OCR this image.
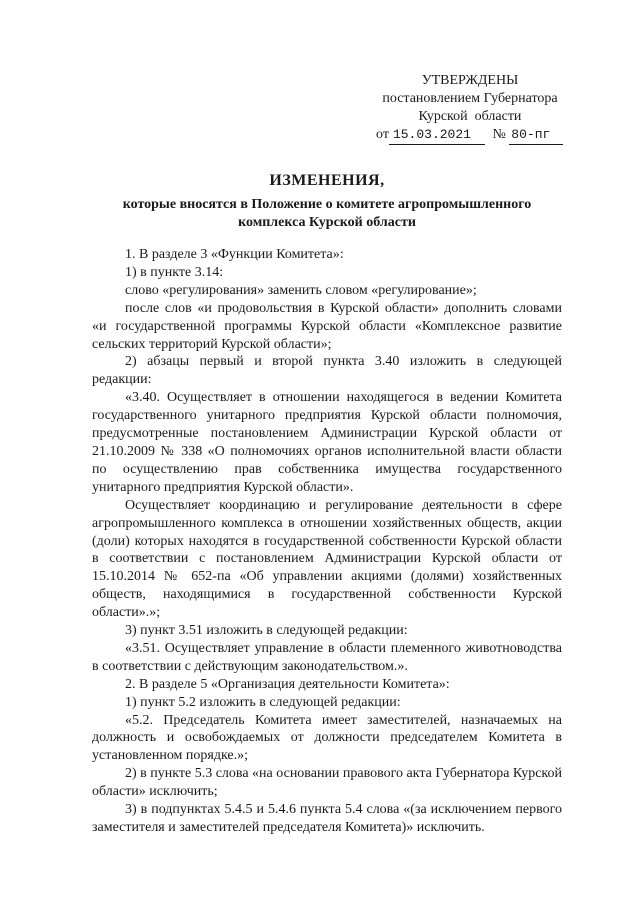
УТВЕРЖДЕНЫ
постановлением Губернатора
Курской  области
от 15.03.2021 № 80-пг
ИЗМЕНЕНИЯ,
которые вносятся в Положение о комитете агропромышленного комплекса Курской области

1. В разделе 3 «Функции Комитета»:

1) в пункте 3.14:

слово «регулирования» заменить словом «регулирование»;

после слов «и продовольствия в Курской области» дополнить словами «и государственной программы Курской области «Комплексное развитие сельских территорий Курской области»;

2) абзацы первый и второй пункта 3.40 изложить в следующей редакции:

«3.40. Осуществляет в отношении находящегося в ведении Комитета государственного унитарного предприятия Курской области полномочия, предусмотренные постановлением Администрации Курской области от 21.10.2009 № 338 «О полномочиях органов исполнительной власти области по осуществлению прав собственника имущества государственного унитарного предприятия Курской области».

Осуществляет координацию и регулирование деятельности в сфере агропромышленного комплекса в отношении хозяйственных обществ, акции (доли) которых находятся в государственной собственности Курской области в соответствии с постановлением Администрации Курской области от 15.10.2014 № 652-па «Об управлении акциями (долями) хозяйственных обществ, находящимися в государственной собственности Курской области».»;

3) пункт 3.51 изложить в следующей редакции:

«3.51. Осуществляет управление в области племенного животноводства в соответствии с действующим законодательством.».

2. В разделе 5 «Организация деятельности Комитета»:

1) пункт 5.2 изложить в следующей редакции:

«5.2. Председатель Комитета имеет заместителей, назначаемых на должность и освобождаемых от должности председателем Комитета в установленном порядке.»;

2) в пункте 5.3 слова «на основании правового акта Губернатора Курской области» исключить;

3) в подпунктах 5.4.5 и 5.4.6 пункта 5.4 слова «(за исключением первого заместителя и заместителей председателя Комитета)» исключить.
